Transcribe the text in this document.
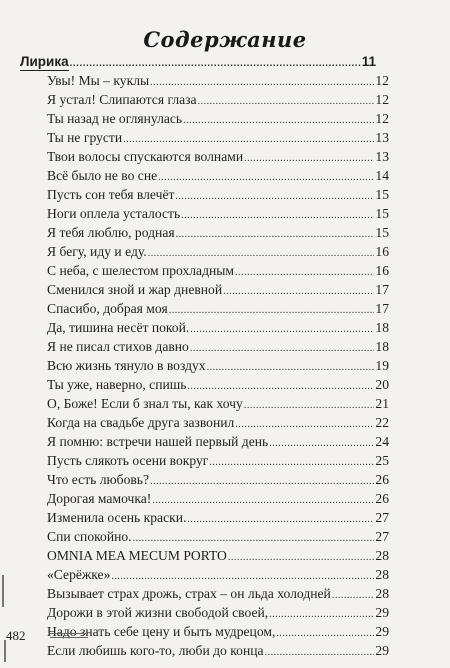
Содержание
Лирика .....	11
Увы! Мы – куклы .....	12
Я устал! Слипаются глаза .....	12
Ты назад не оглянулась .....	12
Ты не грусти .....	13
Твои волосы спускаются волнами .....	13
Всё было не во сне .....	14
Пусть сон тебя влечёт .....	15
Ноги оплела усталость .....	15
Я тебя люблю, родная .....	15
Я бегу, иду и еду. .....	16
С неба, с шелестом прохладным .....	16
Сменился зной и жар дневной .....	17
Спасибо, добрая моя .....	17
Да, тишина несёт покой. .....	18
Я не писал стихов давно .....	18
Всю жизнь тянуло в воздух .....	19
Ты уже, наверно, спишь .....	20
О, Боже! Если б знал ты, как хочу .....	21
Когда на свадьбе друга зазвонил .....	22
Я помню: встречи нашей первый день .....	24
Пусть слякоть осени вокруг .....	25
Что есть любовь? .....	26
Дорогая мамочка! .....	26
Изменила осень краски. .....	27
Спи спокойно. .....	27
OMNIA MEA MECUM PORTO .....	28
«Серёжке» .....	28
Вызывает страх дрожь, страх – он льда холодней .....	28
Дорожи в этой жизни свободой своей, .....	29
Надо знать себе цену и быть мудрецом, .....	29
Если любишь кого-то, люби до конца .....	29
482
